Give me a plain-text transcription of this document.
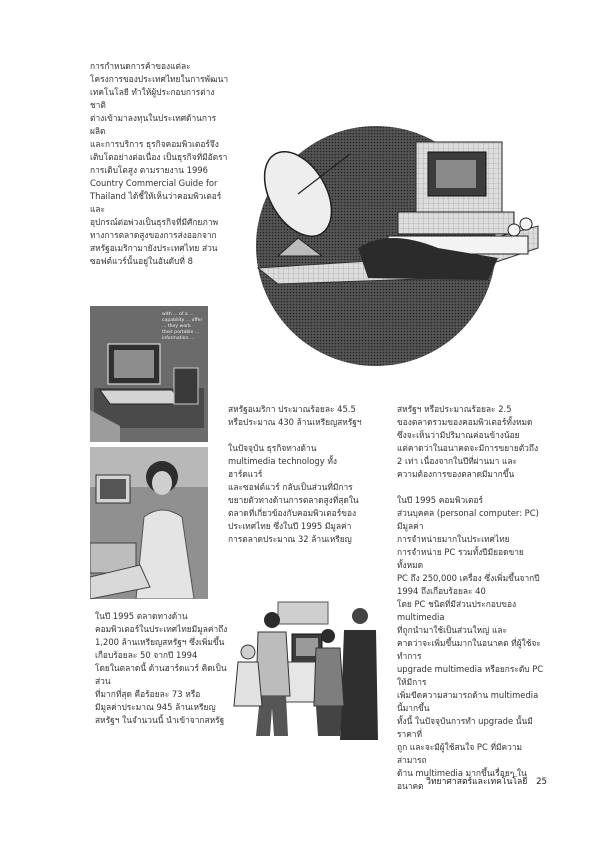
การกำหนดการค้าของแต่ละ
โครงการของประเทศไทยในการพัฒนา
เทคโนโลยี ทำให้ผู้ประกอบการต่างชาติ
ต่างเข้ามาลงทุนในประเทศด้านการผลิต
และการบริการ ธุรกิจคอมพิวเตอร์จึง
เติบโตอย่างต่อเนื่อง เป็นธุรกิจที่มีอัตรา
การเติบโตสูง ตามรายงาน 1996
Country Commercial Guide for
Thailand ได้ชี้ให้เห็นว่าคอมพิวเตอร์และ
อุปกรณ์ต่อพ่วงเป็นธุรกิจที่มีศักยภาพ
ทางการตลาดสูงของการส่งออกจาก
สหรัฐอเมริกามายังประเทศไทย ส่วน
ซอฟต์แวร์นั้นอยู่ในอันดับที่ 8

with ... of a ...
capability ... offer
... they work
their portable ...
information ...

สหรัฐอเมริกา ประมาณร้อยละ 45.5
หรือประมาณ 430 ล้านเหรียญสหรัฐฯ

ในปัจจุบัน ธุรกิจทางด้าน
multimedia technology ทั้งฮาร์ดแวร์
และซอฟต์แวร์ กลับเป็นส่วนที่มีการ
ขยายตัวทางด้านการตลาดสูงที่สุดใน
ตลาดที่เกี่ยวข้องกับคอมพิวเตอร์ของ
ประเทศไทย ซึ่งในปี 1995 มีมูลค่า
การตลาดประมาณ 32 ล้านเหรียญ

สหรัฐฯ หรือประมาณร้อยละ 2.5
ของตลาดรวมของคอมพิวเตอร์ทั้งหมด
ซึ่งจะเห็นว่ามีปริมาณค่อนข้างน้อย
แต่คาดว่าในอนาคตจะมีการขยายตัวถึง
2 เท่า เนื่องจากในปีที่ผ่านมา และ
ความต้องการของตลาดมีมากขึ้น

ในปี 1995 คอมพิวเตอร์
ส่วนบุคคล (personal computer: PC) มีมูลค่า
การจำหน่ายมากในประเทศไทย
การจำหน่าย PC รวมทั้งปีมียอดขายทั้งหมด
PC ถึง 250,000 เครื่อง ซึ่งเพิ่มขึ้นจากปี
1994 ถึงเกือบร้อยละ 40
โดย PC ชนิดที่มีส่วนประกอบของ multimedia
ที่ถูกนำมาใช้เป็นส่วนใหญ่ และ
คาดว่าจะเพิ่มขึ้นมากในอนาคต ที่ผู้ใช้จะทำการ
upgrade multimedia หรือยกระดับ PC ให้มีการ
เพิ่มขีดความสามารถด้าน multimedia นี้มากขึ้น
ทั้งนี้ ในปัจจุบันการทำ upgrade นั้นมีราคาที่
ถูก และจะมีผู้ใช้สนใจ PC ที่มีความสามารถ
ด้าน multimedia มากขึ้นเรื่อยๆ ในอนาคต

ในปี 1995 ตลาดทางด้าน
คอมพิวเตอร์ในประเทศไทยมีมูลค่าถึง
1,200 ล้านเหรียญสหรัฐฯ ซึ่งเพิ่มขึ้น
เกือบร้อยละ 50 จากปี 1994
โดยในตลาดนี้ ด้านฮาร์ดแวร์ คิดเป็นส่วน
ที่มากที่สุด คือร้อยละ 73 หรือ
มีมูลค่าประมาณ 945 ล้านเหรียญ
สหรัฐฯ ในจำนวนนี้ นำเข้าจากสหรัฐ

วิทยาศาสตร์และเทคโนโลยี 25
